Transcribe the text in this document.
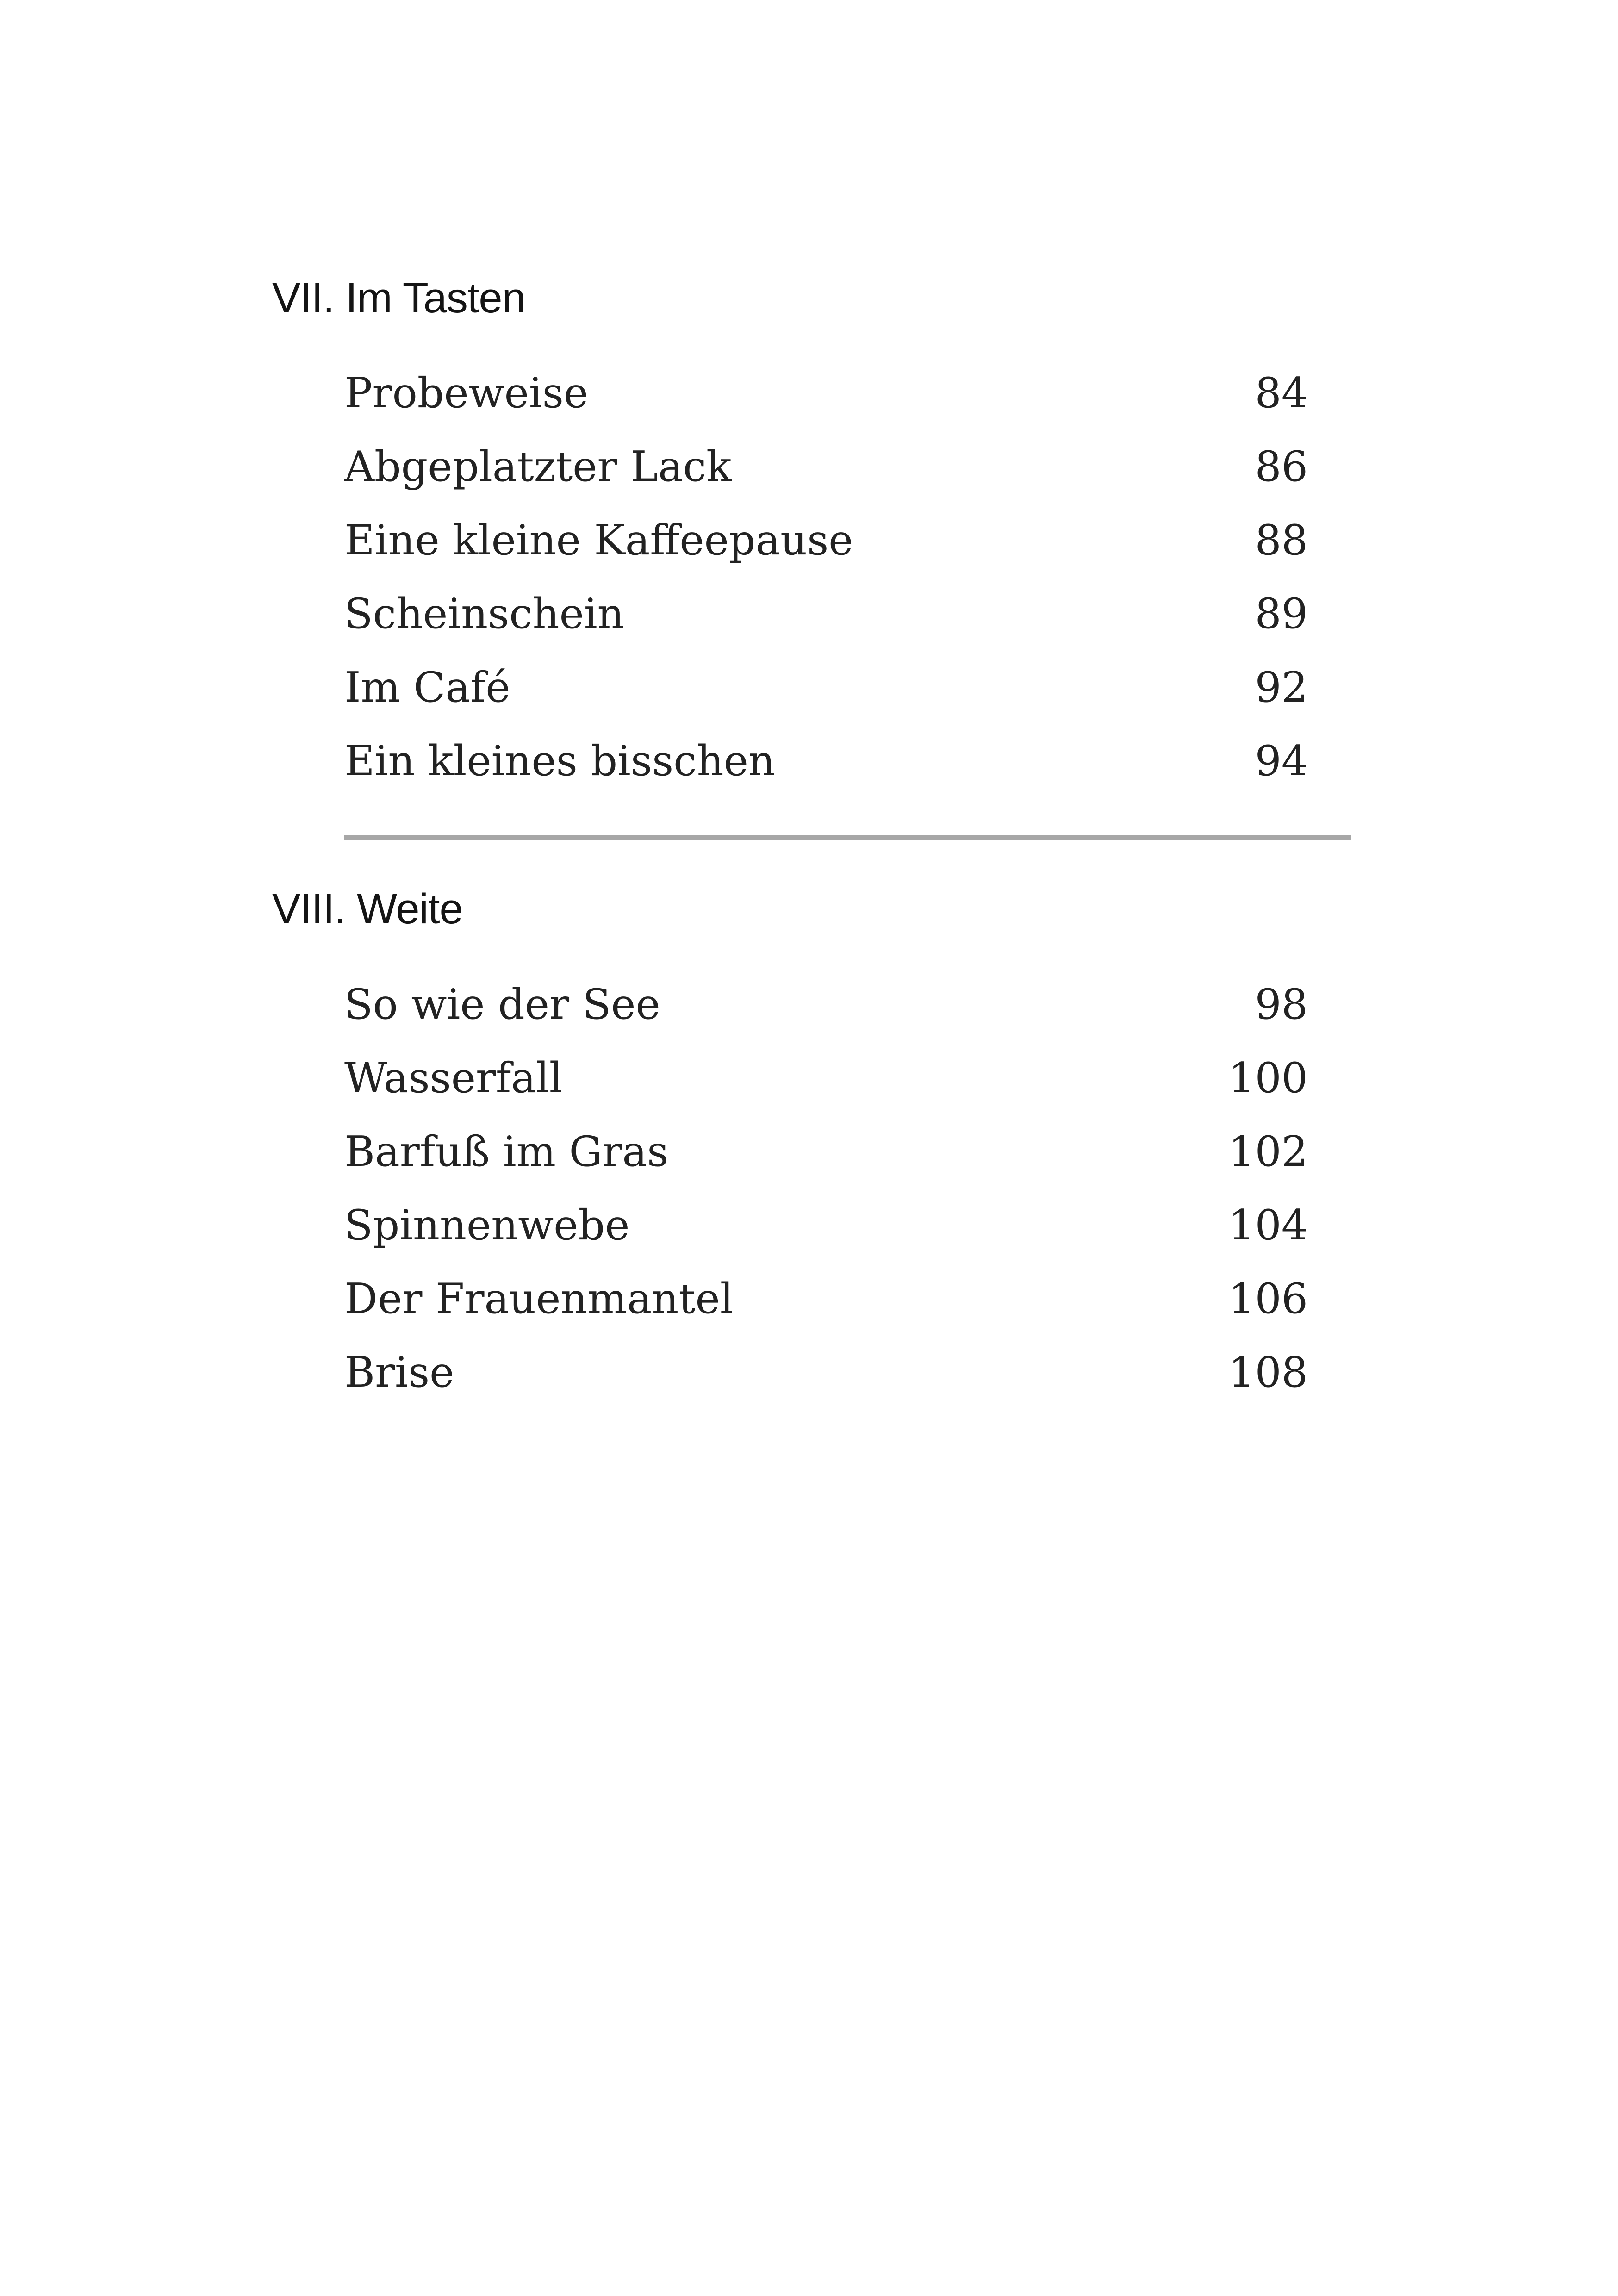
VII. Im Tasten
Probeweise	84
Abgeplatzter Lack	86
Eine kleine Kaffeepause	88
Scheinschein	89
Im Café	92
Ein kleines bisschen	94
VIII. Weite
So wie der See	98
Wasserfall	100
Barfuß im Gras	102
Spinnenwebe	104
Der Frauenmantel	106
Brise	108
